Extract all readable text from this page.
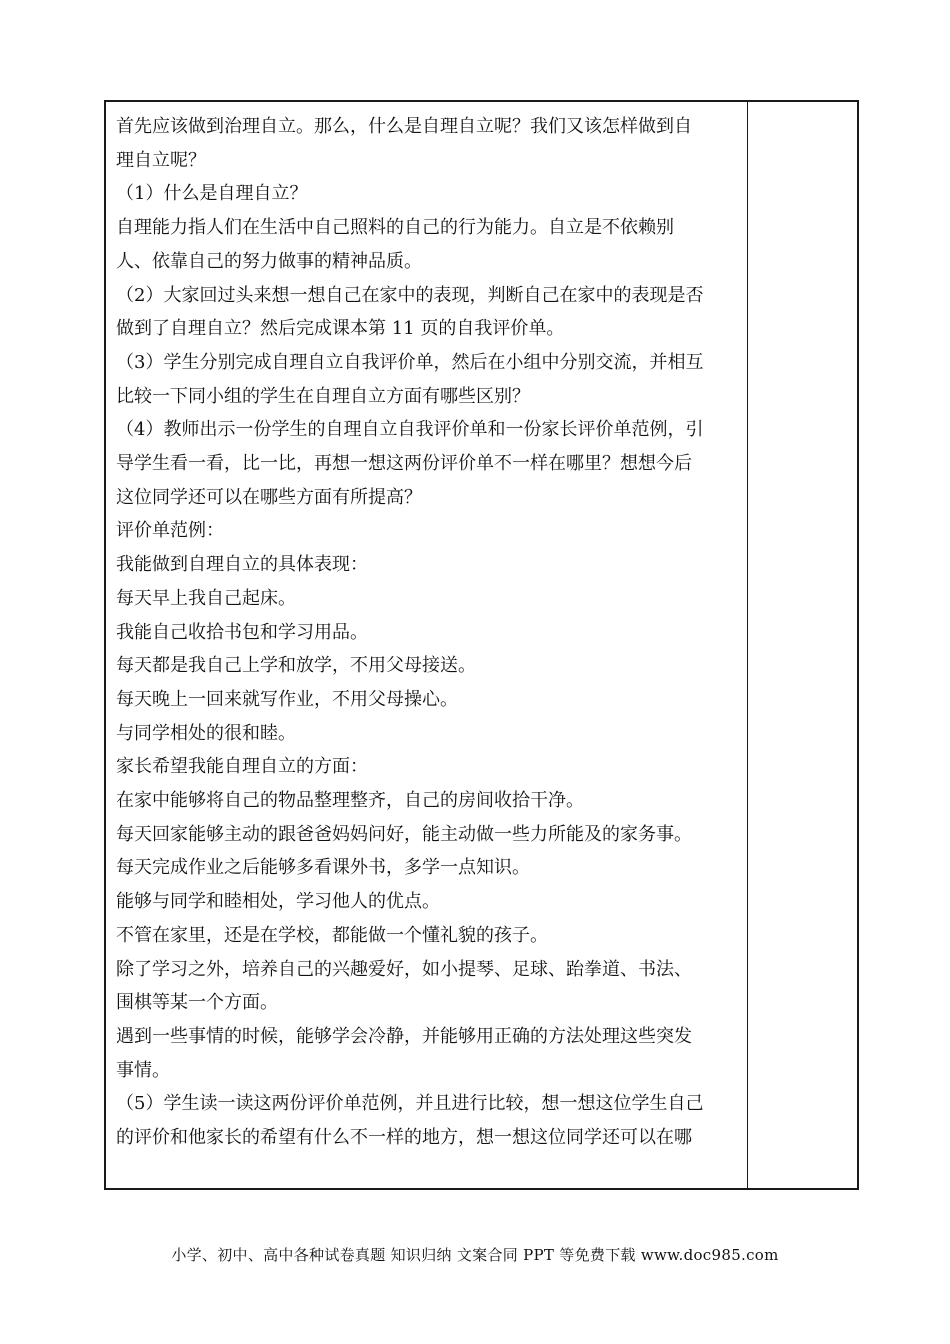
首先应该做到治理自立。那么，什么是自理自立呢？我们又该怎样做到自
理自立呢？
（1）什么是自理自立？
自理能力指人们在生活中自己照料的自己的行为能力。自立是不依赖别
人、依靠自己的努力做事的精神品质。
（2）大家回过头来想一想自己在家中的表现，判断自己在家中的表现是否
做到了自理自立？然后完成课本第 11 页的自我评价单。
（3）学生分别完成自理自立自我评价单，然后在小组中分别交流，并相互
比较一下同小组的学生在自理自立方面有哪些区别？
（4）教师出示一份学生的自理自立自我评价单和一份家长评价单范例，引
导学生看一看，比一比，再想一想这两份评价单不一样在哪里？想想今后
这位同学还可以在哪些方面有所提高？
评价单范例：
我能做到自理自立的具体表现：
每天早上我自己起床。
我能自己收拾书包和学习用品。
每天都是我自己上学和放学，不用父母接送。
每天晚上一回来就写作业，不用父母操心。
与同学相处的很和睦。
家长希望我能自理自立的方面：
在家中能够将自己的物品整理整齐，自己的房间收拾干净。
每天回家能够主动的跟爸爸妈妈问好，能主动做一些力所能及的家务事。
每天完成作业之后能够多看课外书，多学一点知识。
能够与同学和睦相处，学习他人的优点。
不管在家里，还是在学校，都能做一个懂礼貌的孩子。
除了学习之外，培养自己的兴趣爱好，如小提琴、足球、跆拳道、书法、
围棋等某一个方面。
遇到一些事情的时候，能够学会冷静，并能够用正确的方法处理这些突发
事情。
（5）学生读一读这两份评价单范例，并且进行比较，想一想这位学生自己
的评价和他家长的希望有什么不一样的地方，想一想这位同学还可以在哪
小学、初中、高中各种试卷真题 知识归纳 文案合同 PPT 等免费下载 www.doc985.com
